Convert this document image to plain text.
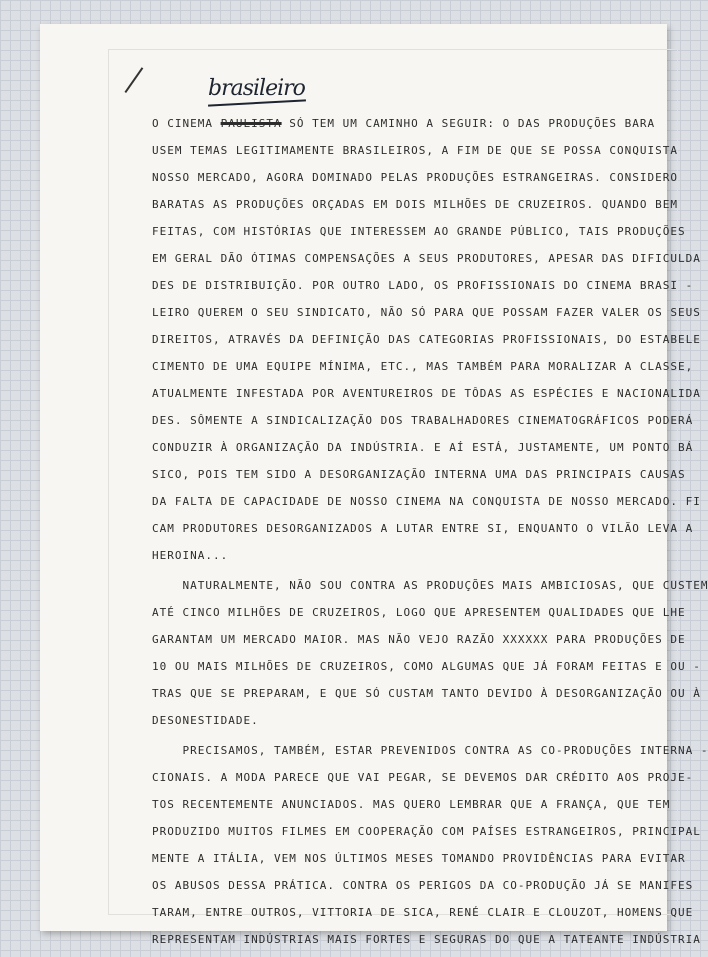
brasileiro
O CINEMA PAULISTA SÓ TEM UM CAMINHO A SEGUIR: O DAS PRODUÇÕES BARA
USEM TEMAS LEGITIMAMENTE BRASILEIROS, A FIM DE QUE SE POSSA CONQUISTA
NOSSO MERCADO, AGORA DOMINADO PELAS PRODUÇÕES ESTRANGEIRAS. CONSIDERO
BARATAS AS PRODUÇÕES ORÇADAS EM DOIS MILHÕES DE CRUZEIROS. QUANDO BEM
FEITAS, COM HISTÓRIAS QUE INTERESSEM AO GRANDE PÚBLICO, TAIS PRODUÇÕES
EM GERAL DÃO ÓTIMAS COMPENSAÇÕES A SEUS PRODUTORES, APESAR DAS DIFICULDA
DES DE DISTRIBUIÇÃO. POR OUTRO LADO, OS PROFISSIONAIS DO CINEMA BRASI -
LEIRO QUEREM O SEU SINDICATO, NÃO SÓ PARA QUE POSSAM FAZER VALER OS SEUS
DIREITOS, ATRAVÉS DA DEFINIÇÃO DAS CATEGORIAS PROFISSIONAIS, DO ESTABELE
CIMENTO DE UMA EQUIPE MÍNIMA, ETC., MAS TAMBÉM PARA MORALIZAR A CLASSE,
ATUALMENTE INFESTADA POR AVENTUREIROS DE TÔDAS AS ESPÉCIES E NACIONALIDA
DES. SÔMENTE A SINDICALIZAÇÃO DOS TRABALHADORES CINEMATOGRÁFICOS PODERÁ
CONDUZIR À ORGANIZAÇÃO DA INDÚSTRIA. E AÍ ESTÁ, JUSTAMENTE, UM PONTO BÁ
SICO, POIS TEM SIDO A DESORGANIZAÇÃO INTERNA UMA DAS PRINCIPAIS CAUSAS
DA FALTA DE CAPACIDADE DE NOSSO CINEMA NA CONQUISTA DE NOSSO MERCADO. FI
CAM PRODUTORES DESORGANIZADOS A LUTAR ENTRE SI, ENQUANTO O VILÃO LEVA A
HEROINA...
NATURALMENTE, NÃO SOU CONTRA AS PRODUÇÕES MAIS AMBICIOSAS, QUE CUSTEM
ATÉ CINCO MILHÕES DE CRUZEIROS, LOGO QUE APRESENTEM QUALIDADES QUE LHE
GARANTAM UM MERCADO MAIOR. MAS NÃO VEJO RAZÃO XXXXXX PARA PRODUÇÕES DE
10 OU MAIS MILHÕES DE CRUZEIROS, COMO ALGUMAS QUE JÁ FORAM FEITAS E OU -
TRAS QUE SE PREPARAM, E QUE SÓ CUSTAM TANTO DEVIDO À DESORGANIZAÇÃO OU À
DESONESTIDADE.
PRECISAMOS, TAMBÉM, ESTAR PREVENIDOS CONTRA AS CO-PRODUÇÕES INTERNA -
CIONAIS. A MODA PARECE QUE VAI PEGAR, SE DEVEMOS DAR CRÉDITO AOS PROJE-
TOS RECENTEMENTE ANUNCIADOS. MAS QUERO LEMBRAR QUE A FRANÇA, QUE TEM
PRODUZIDO MUITOS FILMES EM COOPERAÇÃO COM PAÍSES ESTRANGEIROS, PRINCIPAL
MENTE A ITÁLIA, VEM NOS ÚLTIMOS MESES TOMANDO PROVIDÊNCIAS PARA EVITAR
OS ABUSOS DESSA PRÁTICA. CONTRA OS PERIGOS DA CO-PRODUÇÃO JÁ SE MANIFES
TARAM, ENTRE OUTROS, VITTORIA DE SICA, RENÉ CLAIR E CLOUZOT, HOMENS QUE
REPRESENTAM INDÚSTRIAS MAIS FORTES E SEGURAS DO QUE A TATEANTE INDÚSTRIA
